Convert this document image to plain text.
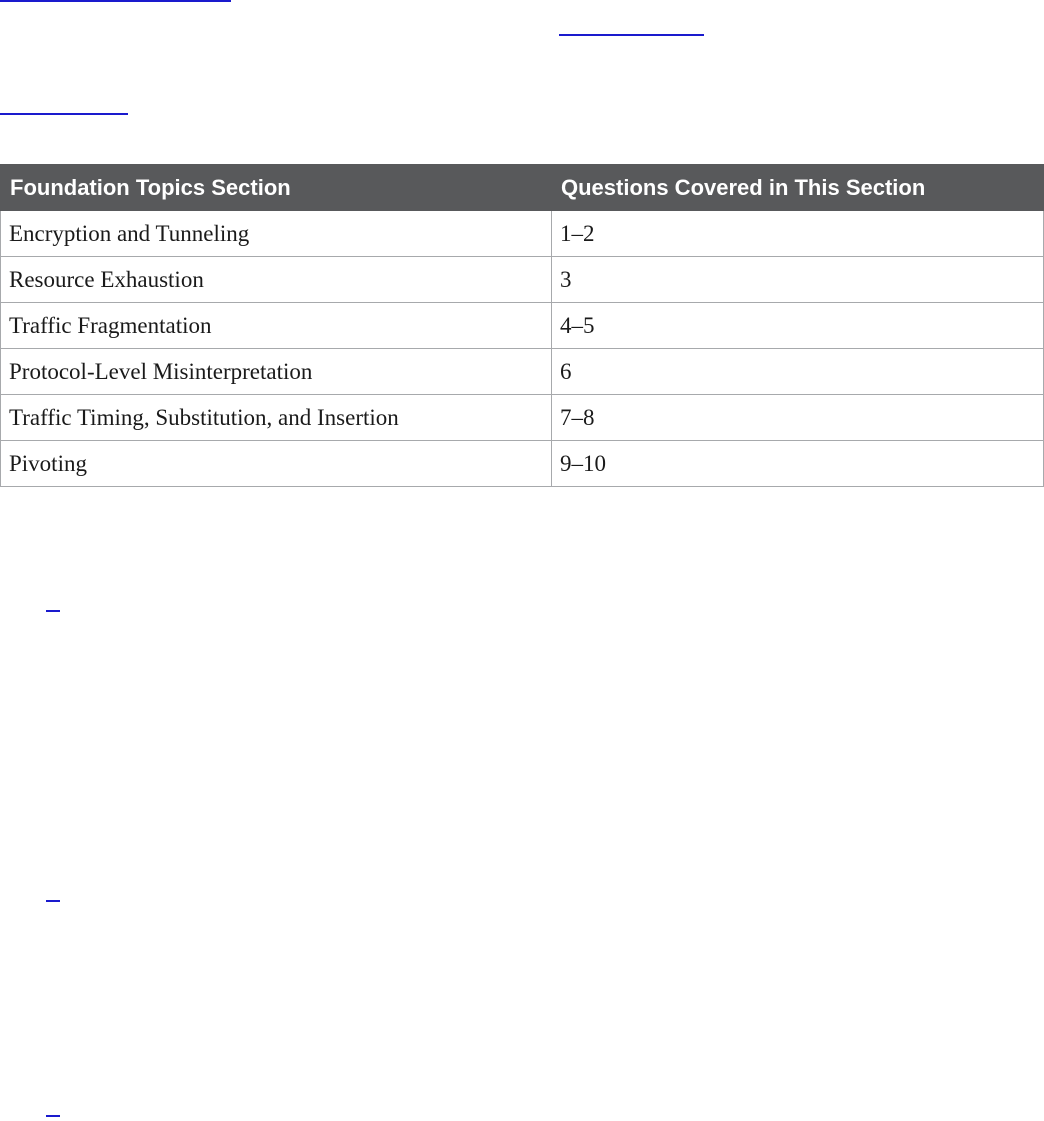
Foundation Topics Section	Questions Covered in This Section
Encryption and Tunneling	1–2
Resource Exhaustion	3
Traffic Fragmentation	4–5
Protocol-Level Misinterpretation	6
Traffic Timing, Substitution, and Insertion	7–8
Pivoting	9–10
